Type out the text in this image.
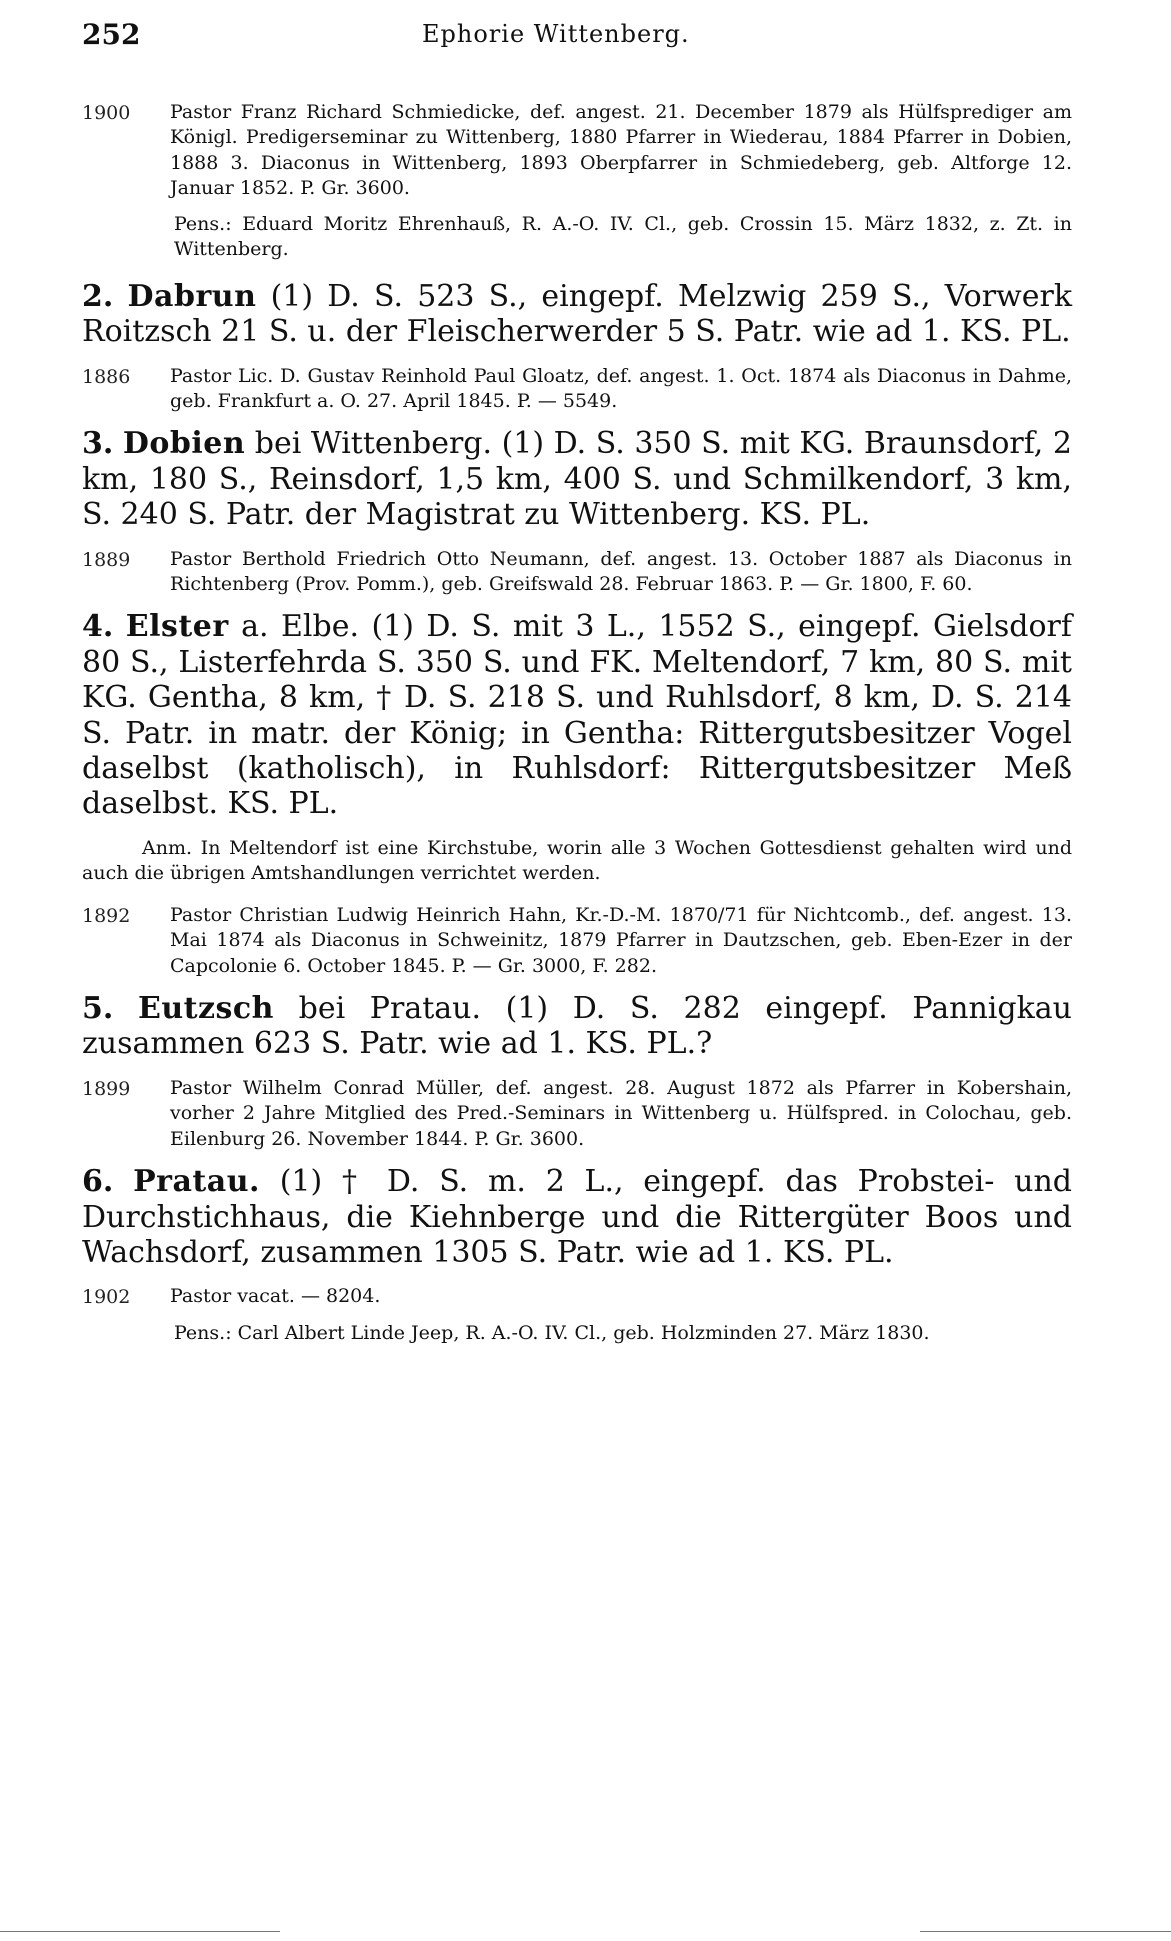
252	Ephorie Wittenberg.
1900	Pastor Franz Richard Schmiedicke, def. angest. 21. December 1879 als Hülfsprediger am Königl. Predigerseminar zu Wittenberg, 1880 Pfarrer in Wiederau, 1884 Pfarrer in Dobien, 1888 3. Diaconus in Wittenberg, 1893 Oberpfarrer in Schmiedeberg, geb. Altforge 12. Januar 1852. P. Gr. 3600.
Pens.: Eduard Moritz Ehrenhauß, R. A.-O. IV. Cl., geb. Crossin 15. März 1832, z. Zt. in Wittenberg.
2. Dabrun (1) D. S. 523 S., eingepf. Melzwig 259 S., Vorwerk Roitzsch 21 S. u. der Fleischerwerder 5 S. Patr. wie ad 1. KS. PL.
1886	Pastor Lic. D. Gustav Reinhold Paul Gloatz, def. angest. 1. Oct. 1874 als Diaconus in Dahme, geb. Frankfurt a. O. 27. April 1845. P. — 5549.
3. Dobien bei Wittenberg. (1) D. S. 350 S. mit KG. Braunsdorf, 2 km, 180 S., Reinsdorf, 1,5 km, 400 S. und Schmilkendorf, 3 km, S. 240 S. Patr. der Magistrat zu Wittenberg. KS. PL.
1889	Pastor Berthold Friedrich Otto Neumann, def. angest. 13. October 1887 als Diaconus in Richtenberg (Prov. Pomm.), geb. Greifswald 28. Februar 1863. P. — Gr. 1800, F. 60.
4. Elster a. Elbe. (1) D. S. mit 3 L., 1552 S., eingepf. Gielsdorf 80 S., Listerfehrda S. 350 S. und FK. Meltendorf, 7 km, 80 S. mit KG. Gentha, 8 km, † D. S. 218 S. und Ruhlsdorf, 8 km, D. S. 214 S. Patr. in matr. der König; in Gentha: Rittergutsbesitzer Vogel daselbst (katholisch), in Ruhlsdorf: Rittergutsbesitzer Meß daselbst. KS. PL.
Anm. In Meltendorf ist eine Kirchstube, worin alle 3 Wochen Gottesdienst gehalten wird und auch die übrigen Amtshandlungen verrichtet werden.
1892	Pastor Christian Ludwig Heinrich Hahn, Kr.-D.-M. 1870/71 für Nichtcomb., def. angest. 13. Mai 1874 als Diaconus in Schweinitz, 1879 Pfarrer in Dautzschen, geb. Eben-Ezer in der Capcolonie 6. October 1845. P. — Gr. 3000, F. 282.
5. Eutzsch bei Pratau. (1) D. S. 282 eingepf. Pannigkau zusammen 623 S. Patr. wie ad 1. KS. PL.?
1899	Pastor Wilhelm Conrad Müller, def. angest. 28. August 1872 als Pfarrer in Kobershain, vorher 2 Jahre Mitglied des Pred.-Seminars in Wittenberg u. Hülfspred. in Colochau, geb. Eilenburg 26. November 1844. P. Gr. 3600.
6. Pratau. (1) † D. S. m. 2 L., eingepf. das Probstei- und Durchstichhaus, die Kiehnberge und die Rittergüter Boos und Wachsdorf, zusammen 1305 S. Patr. wie ad 1. KS. PL.
1902	Pastor vacat. — 8204.
Pens.: Carl Albert Linde Jeep, R. A.-O. IV. Cl., geb. Holzminden 27. März 1830.
